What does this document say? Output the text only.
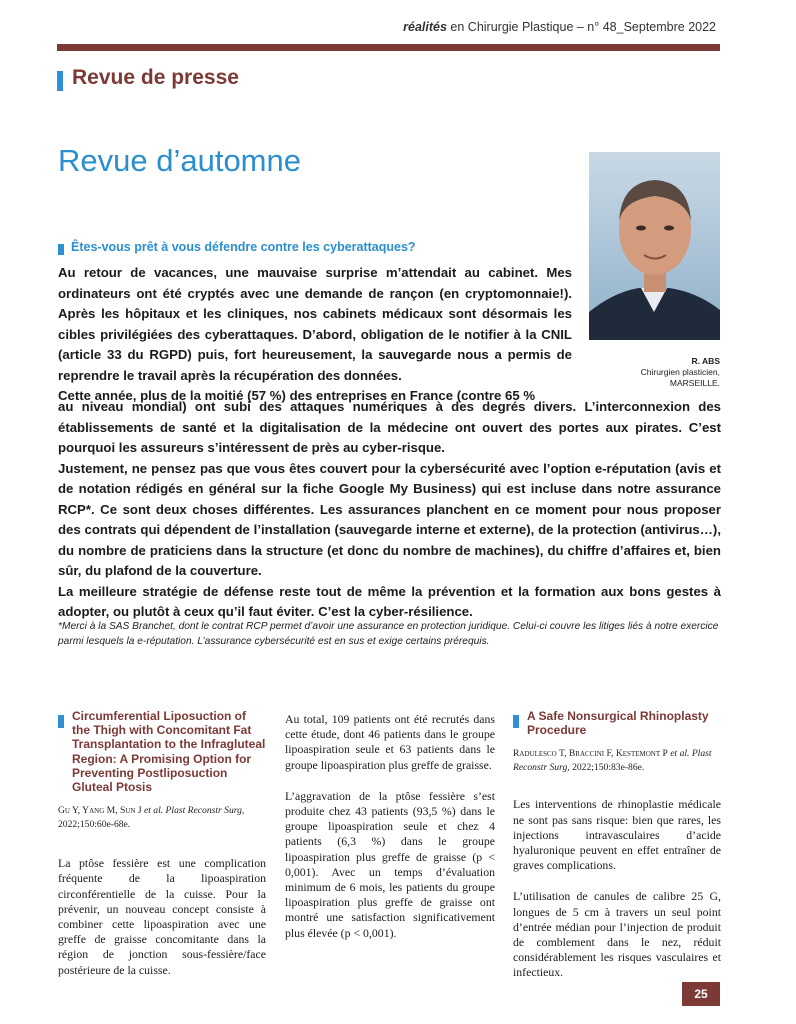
réalités en Chirurgie Plastique – n° 48_Septembre 2022
Revue de presse
Revue d’automne
R. ABS
Chirurgien plasticien,
MARSEILLE.
Êtes-vous prêt à vous défendre contre les cyberattaques?
Au retour de vacances, une mauvaise surprise m’attendait au cabinet. Mes ordinateurs ont été cryptés avec une demande de rançon (en cryptomonnaie!). Après les hôpitaux et les cliniques, nos cabinets médicaux sont désormais les cibles privilégiées des cyberattaques. D’abord, obligation de le notifier à la CNIL (article 33 du RGPD) puis, fort heureusement, la sauvegarde nous a permis de reprendre le travail après la récupération des données.
Cette année, plus de la moitié (57 %) des entreprises en France (contre 65 %
au niveau mondial) ont subi des attaques numériques à des degrés divers. L’interconnexion des établissements de santé et la digitalisation de la médecine ont ouvert des portes aux pirates. C’est pourquoi les assureurs s’intéressent de près au cyber-risque.
Justement, ne pensez pas que vous êtes couvert pour la cybersécurité avec l’option e-réputation (avis et de notation rédigés en général sur la fiche Google My Business) qui est incluse dans notre assurance RCP*. Ce sont deux choses différentes. Les assurances planchent en ce moment pour nous proposer des contrats qui dépendent de l’installation (sauvegarde interne et externe), de la protection (antivirus…), du nombre de praticiens dans la structure (et donc du nombre de machines), du chiffre d’affaires et, bien sûr, du plafond de la couverture.
La meilleure stratégie de défense reste tout de même la prévention et la formation aux bons gestes à adopter, ou plutôt à ceux qu’il faut éviter. C’est la cyber-résilience.
*Merci à la SAS Branchet, dont le contrat RCP permet d’avoir une assurance en protection juridique. Celui-ci couvre les litiges liés à notre exercice parmi lesquels la e-réputation. L’assurance cybersécurité est en sus et exige certains prérequis.
Circumferential Liposuction of the Thigh with Concomitant Fat Transplantation to the Infragluteal Region: A Promising Option for Preventing Postliposuction Gluteal Ptosis
Gu Y, Yang M, Sun J et al. Plast Reconstr Surg, 2022;150:60e-68e.

La ptôse fessière est une complication fréquente de la lipoaspiration circonférentielle de la cuisse. Pour la prévenir, un nouveau concept consiste à combiner cette lipoaspiration avec une greffe de graisse concomitante dans la région de jonction sous-fessière/face postérieure de la cuisse.

Au total, 109 patients ont été recrutés dans cette étude, dont 46 patients dans le groupe lipoaspiration seule et 63 patients dans le groupe lipoaspiration plus greffe de graisse.

L’aggravation de la ptôse fessière s’est produite chez 43 patients (93,5 %) dans le groupe lipoaspiration seule et chez 4 patients (6,3 %) dans le groupe lipoaspiration plus greffe de graisse (p < 0,001). Avec un temps d’évaluation minimum de 6 mois, les patients du groupe lipoaspiration plus greffe de graisse ont montré une satisfaction significativement plus élevée (p < 0,001).

A Safe Nonsurgical Rhinoplasty Procedure
Radulesco T, Braccini F, Kestemont P et al. Plast Reconstr Surg, 2022;150:83e-86e.

Les interventions de rhinoplastie médicale ne sont pas sans risque: bien que rares, les injections intravasculaires d’acide hyaluronique peuvent en effet entraîner de graves complications.

L’utilisation de canules de calibre 25 G, longues de 5 cm à travers un seul point d’entrée médian pour l’injection de produit de comblement dans le nez, réduit considérablement les risques vasculaires et infectieux.

25
